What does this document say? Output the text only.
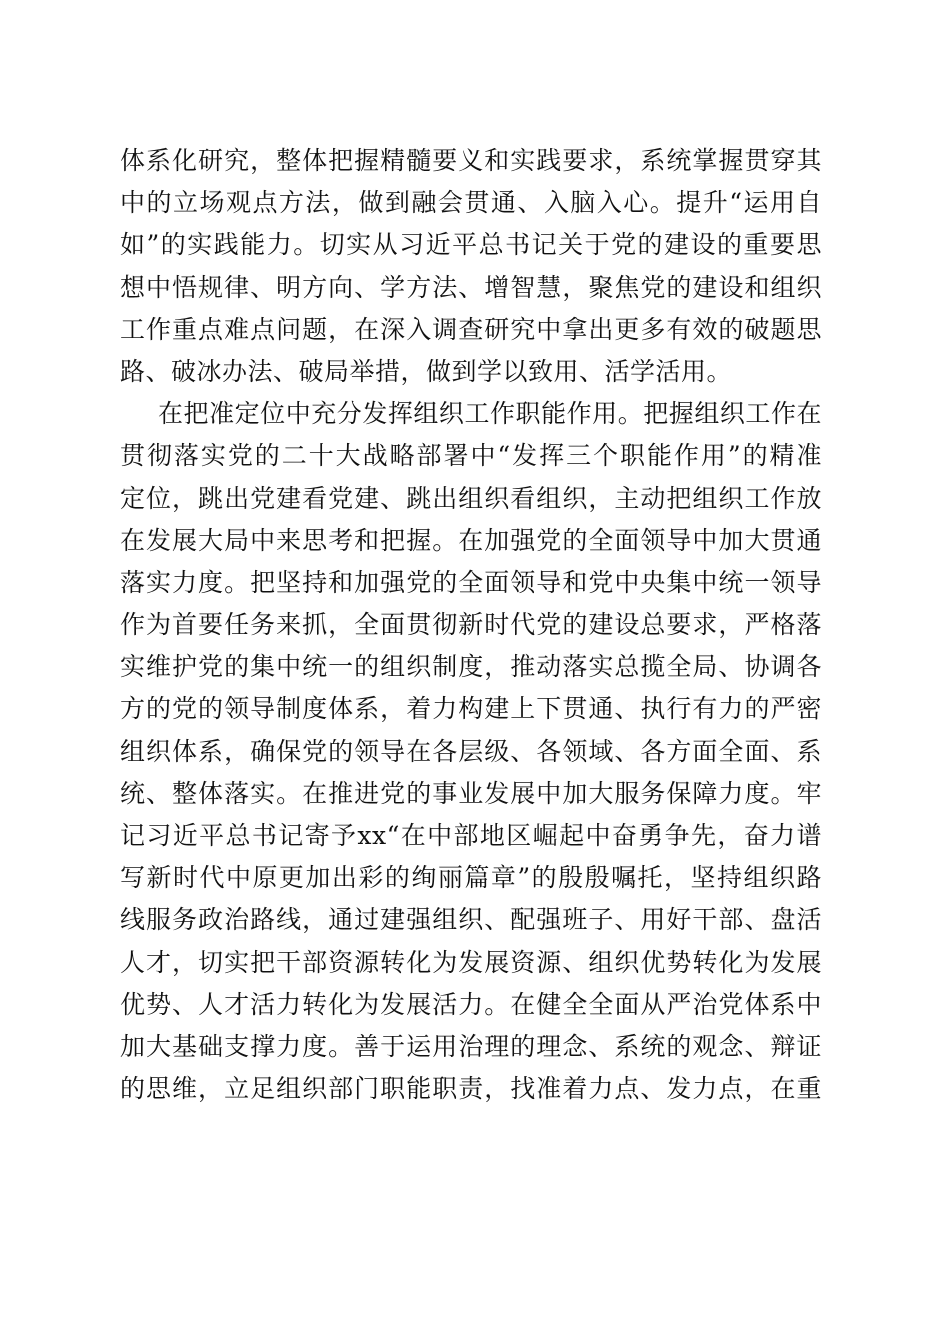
体系化研究，整体把握精髓要义和实践要求，系统掌握贯穿其
中的立场观点方法，做到融会贯通、入脑入心。提升“运用自
如”的实践能力。切实从习近平总书记关于党的建设的重要思
想中悟规律、明方向、学方法、增智慧，聚焦党的建设和组织
工作重点难点问题，在深入调查研究中拿出更多有效的破题思
路、破冰办法、破局举措，做到学以致用、活学活用。
在把准定位中充分发挥组织工作职能作用。把握组织工作在
贯彻落实党的二十大战略部署中“发挥三个职能作用”的精准
定位，跳出党建看党建、跳出组织看组织，主动把组织工作放
在发展大局中来思考和把握。在加强党的全面领导中加大贯通
落实力度。把坚持和加强党的全面领导和党中央集中统一领导
作为首要任务来抓，全面贯彻新时代党的建设总要求，严格落
实维护党的集中统一的组织制度，推动落实总揽全局、协调各
方的党的领导制度体系，着力构建上下贯通、执行有力的严密
组织体系，确保党的领导在各层级、各领域、各方面全面、系
统、整体落实。在推进党的事业发展中加大服务保障力度。牢
记习近平总书记寄予xx“在中部地区崛起中奋勇争先，奋力谱
写新时代中原更加出彩的绚丽篇章”的殷殷嘱托，坚持组织路
线服务政治路线，通过建强组织、配强班子、用好干部、盘活
人才，切实把干部资源转化为发展资源、组织优势转化为发展
优势、人才活力转化为发展活力。在健全全面从严治党体系中
加大基础支撑力度。善于运用治理的理念、系统的观念、辩证
的思维，立足组织部门职能职责，找准着力点、发力点，在重
